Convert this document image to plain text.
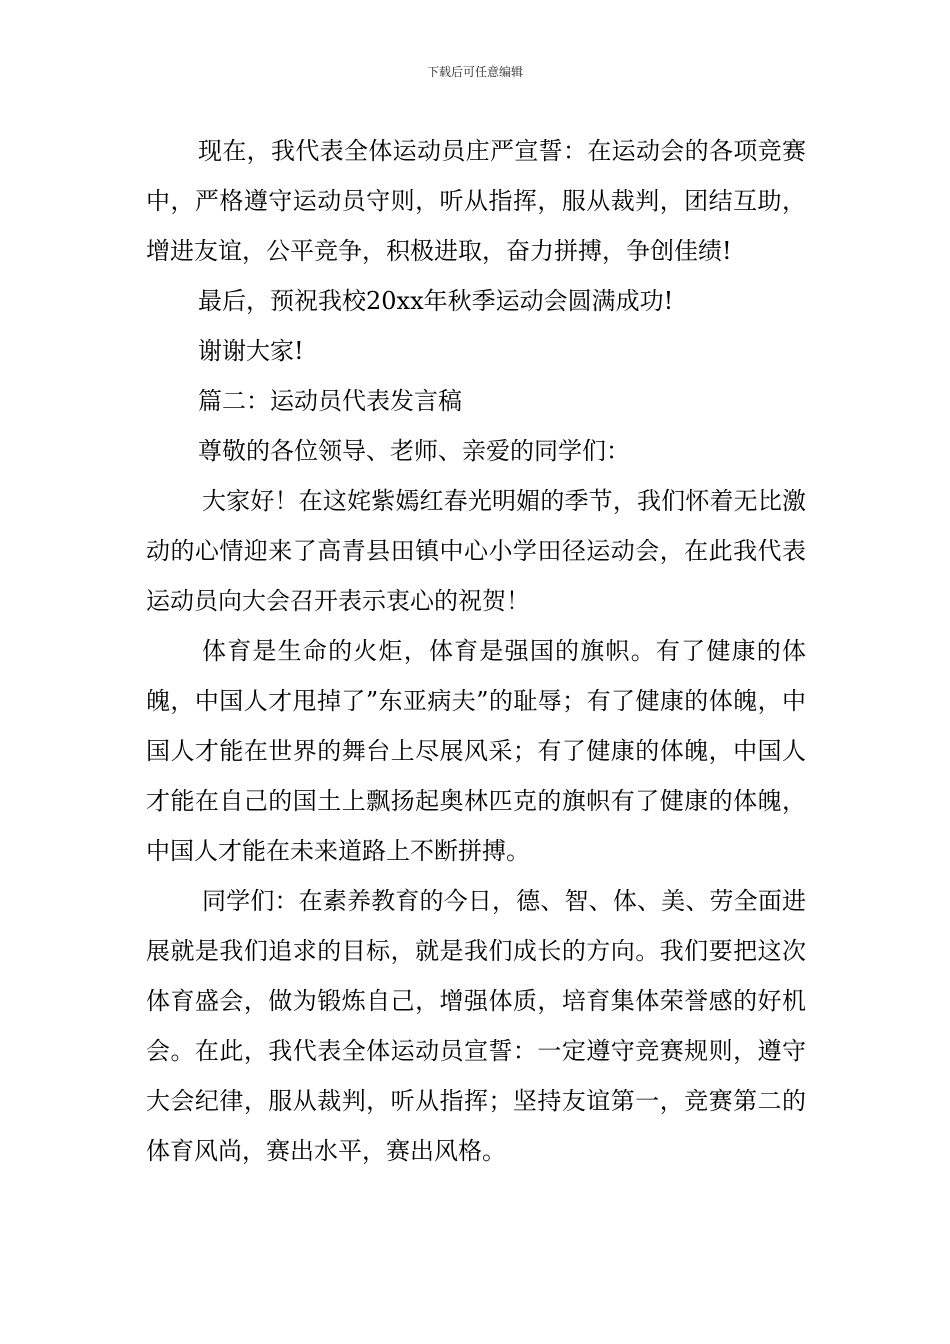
下载后可任意编辑

现在，我代表全体运动员庄严宣誓：在运动会的各项竞赛中，严格遵守运动员守则，听从指挥，服从裁判，团结互助，增进友谊，公平竞争，积极进取，奋力拼搏，争创佳绩!

最后，预祝我校20xx年秋季运动会圆满成功!

谢谢大家!

篇二：运动员代表发言稿

尊敬的各位领导、老师、亲爱的同学们：

大家好！在这姹紫嫣红春光明媚的季节，我们怀着无比激动的心情迎来了高青县田镇中心小学田径运动会，在此我代表运动员向大会召开表示衷心的祝贺！

体育是生命的火炬，体育是强国的旗帜。有了健康的体魄，中国人才甩掉了”东亚病夫”的耻辱；有了健康的体魄，中国人才能在世界的舞台上尽展风采；有了健康的体魄，中国人才能在自己的国土上飘扬起奥林匹克的旗帜有了健康的体魄，中国人才能在未来道路上不断拼搏。

同学们：在素养教育的今日，德、智、体、美、劳全面进展就是我们追求的目标，就是我们成长的方向。我们要把这次体育盛会，做为锻炼自己，增强体质，培育集体荣誉感的好机会。在此，我代表全体运动员宣誓：一定遵守竞赛规则，遵守大会纪律，服从裁判，听从指挥；坚持友谊第一，竞赛第二的体育风尚，赛出水平，赛出风格。
